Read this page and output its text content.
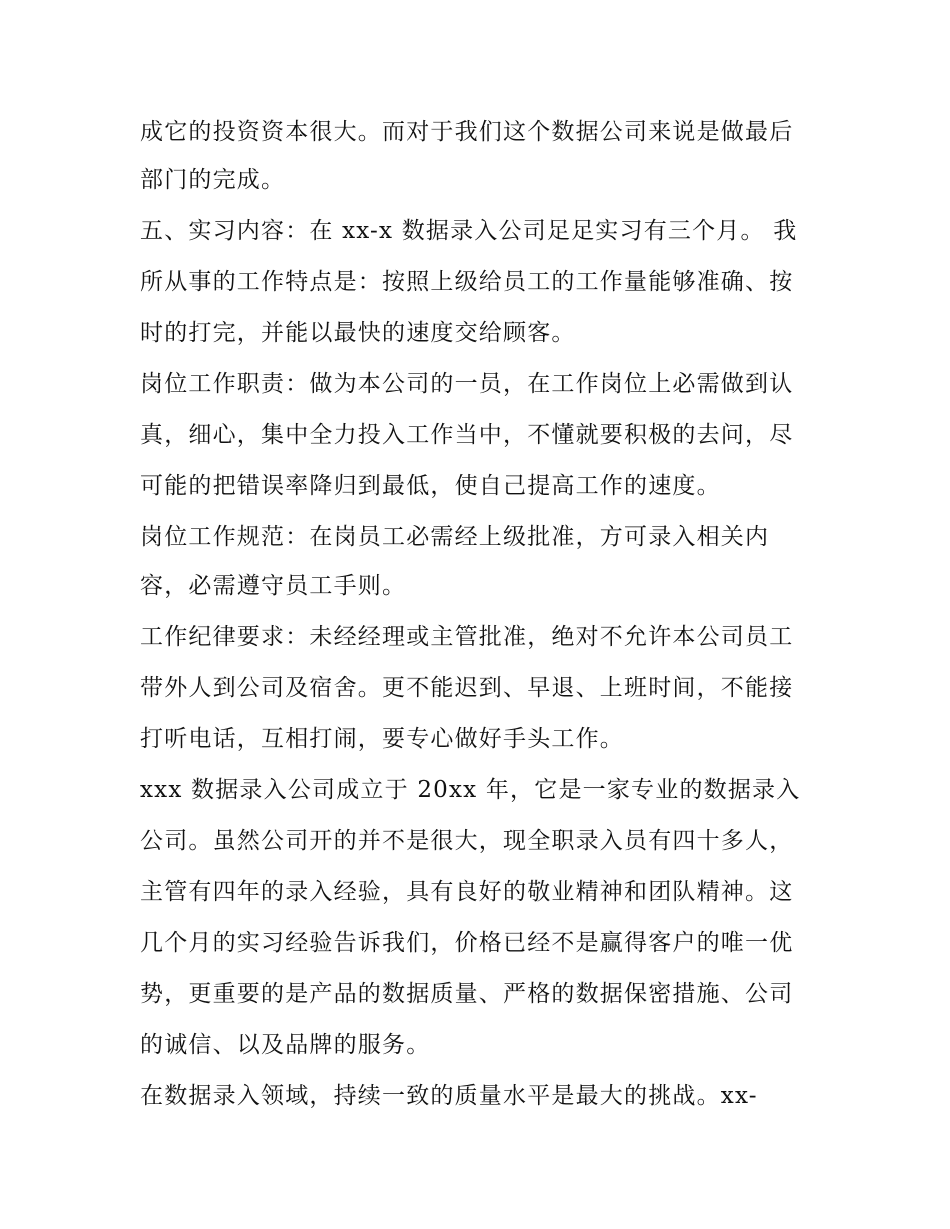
成它的投资资本很大。而对于我们这个数据公司来说是做最后
部门的完成。
五、实习内容：在 xx-x 数据录入公司足足实习有三个月。 我
所从事的工作特点是：按照上级给员工的工作量能够准确、按
时的打完，并能以最快的速度交给顾客。
岗位工作职责：做为本公司的一员，在工作岗位上必需做到认
真，细心，集中全力投入工作当中，不懂就要积极的去问，尽
可能的把错误率降归到最低，使自己提高工作的速度。
岗位工作规范：在岗员工必需经上级批准，方可录入相关内
容，必需遵守员工手则。
工作纪律要求：未经经理或主管批准，绝对不允许本公司员工
带外人到公司及宿舍。更不能迟到、早退、上班时间，不能接
打听电话，互相打闹，要专心做好手头工作。
xxx 数据录入公司成立于 20xx 年，它是一家专业的数据录入
公司。虽然公司开的并不是很大，现全职录入员有四十多人，
主管有四年的录入经验，具有良好的敬业精神和团队精神。这
几个月的实习经验告诉我们，价格已经不是赢得客户的唯一优
势，更重要的是产品的数据质量、严格的数据保密措施、公司
的诚信、以及品牌的服务。
在数据录入领域，持续一致的质量水平是最大的挑战。xx-
